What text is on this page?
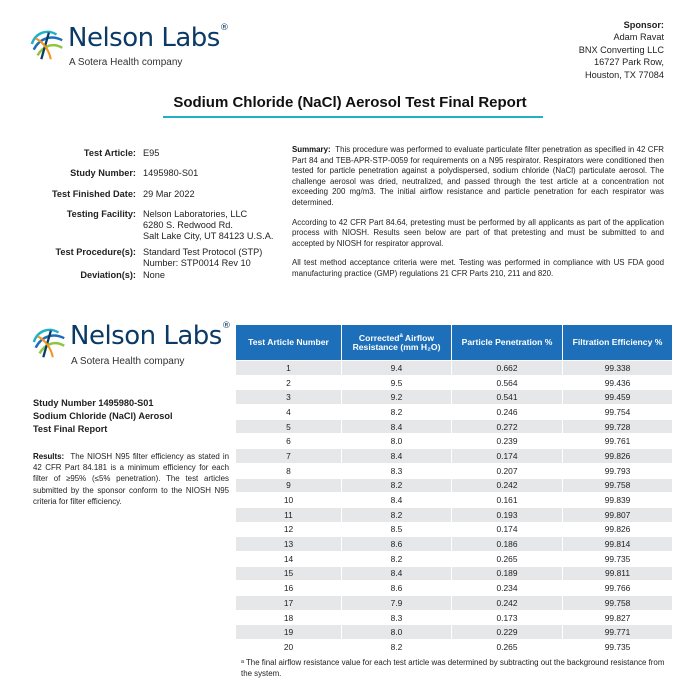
Nelson Labs®
A Sotera Health company
Sponsor:
Adam Ravat
BNX Converting LLC
16727 Park Row,
Houston, TX 77084
Sodium Chloride (NaCl) Aerosol Test Final Report
Test Article: E95
Study Number: 1495980-S01
Test Finished Date: 29 Mar 2022
Testing Facility: Nelson Laboratories, LLC
6280 S. Redwood Rd.
Salt Lake City, UT 84123 U.S.A.
Test Procedure(s): Standard Test Protocol (STP)
Number: STP0014 Rev 10
Deviation(s): None

Summary: This procedure was performed to evaluate particulate filter penetration as specified in 42 CFR Part 84 and TEB-APR-STP-0059 for requirements on a N95 respirator. Respirators were conditioned then tested for particle penetration against a polydispersed, sodium chloride (NaCl) particulate aerosol. The challenge aerosol was dried, neutralized, and passed through the test article at a concentration not exceeding 200 mg/m3. The initial airflow resistance and particle penetration for each respirator was determined.

According to 42 CFR Part 84.64, pretesting must be performed by all applicants as part of the application process with NIOSH. Results seen below are part of that pretesting and must be submitted to and accepted by NIOSH for respirator approval.

All test method acceptance criteria were met. Testing was performed in compliance with US FDA good manufacturing practice (GMP) regulations 21 CFR Parts 210, 211 and 820.

Nelson Labs®
A Sotera Health company
Study Number 1495980-S01
Sodium Chloride (NaCl) Aerosol
Test Final Report
Results: The NIOSH N95 filter efficiency as stated in 42 CFR Part 84.181 is a minimum efficiency for each filter of ≥95% (≤5% penetration). The test articles submitted by the sponsor conform to the NIOSH N95 criteria for filter efficiency.
Test Article Number	Corrected$^a$ Airflow Resistance (mm H₂O)	Particle Penetration %	Filtration Efficiency %
1	9.4	0.662	99.338
2	9.5	0.564	99.436
3	9.2	0.541	99.459
4	8.2	0.246	99.754
5	8.4	0.272	99.728
6	8.0	0.239	99.761
7	8.4	0.174	99.826
8	8.3	0.207	99.793
9	8.2	0.242	99.758
10	8.4	0.161	99.839
11	8.2	0.193	99.807
12	8.5	0.174	99.826
13	8.6	0.186	99.814
14	8.2	0.265	99.735
15	8.4	0.189	99.811
16	8.6	0.234	99.766
17	7.9	0.242	99.758
18	8.3	0.173	99.827
19	8.0	0.229	99.771
20	8.2	0.265	99.735
ᵃ The final airflow resistance value for each test article was determined by subtracting out the background resistance from the system.
